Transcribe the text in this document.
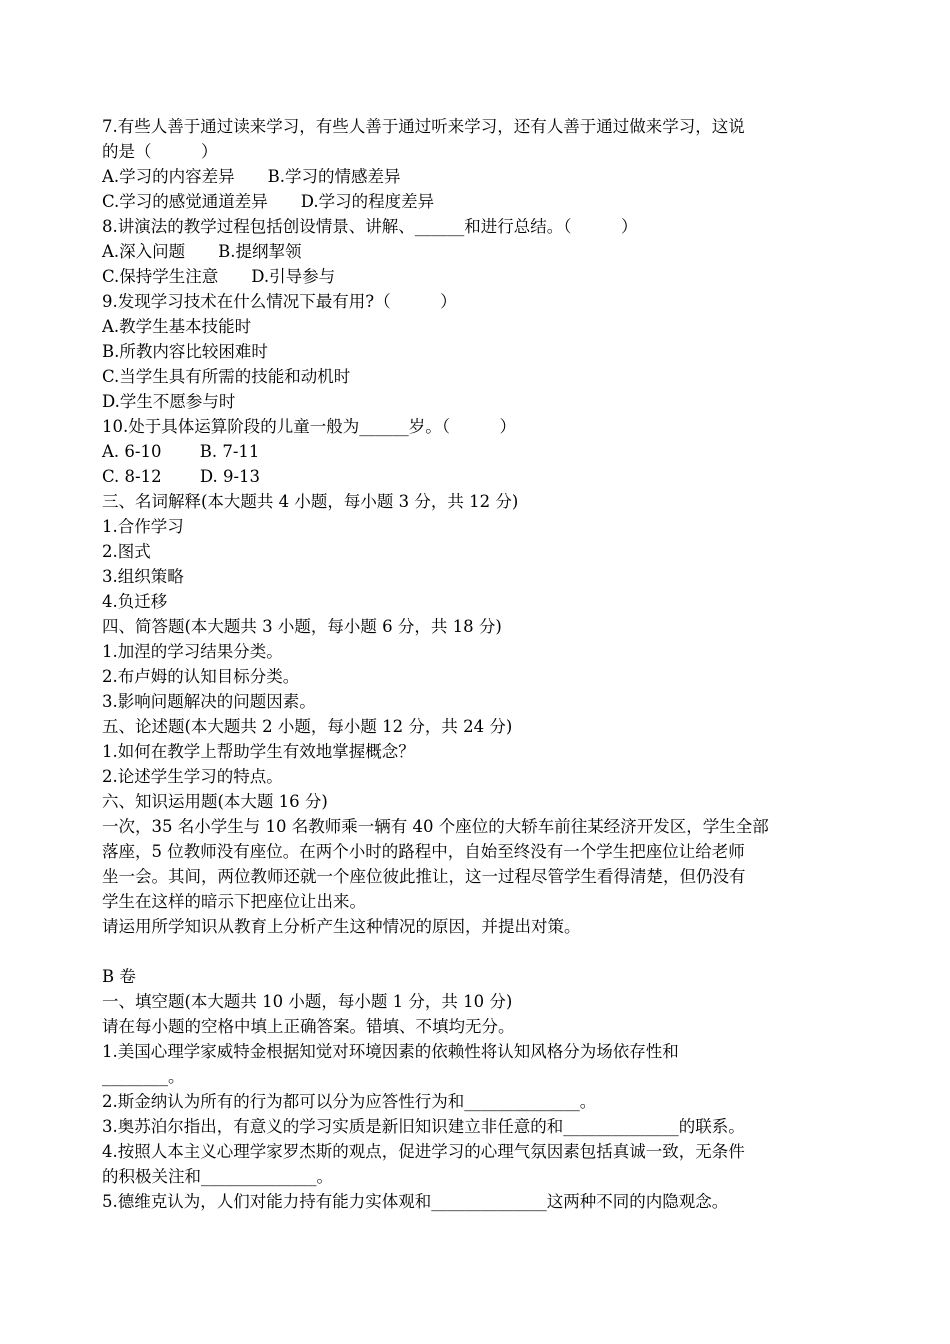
7.有些人善于通过读来学习，有些人善于通过听来学习，还有人善于通过做来学习，这说

的是（　　　）

A.学习的内容差异　　B.学习的情感差异

C.学习的感觉通道差异　　D.学习的程度差异

8.讲演法的教学过程包括创设情景、讲解、______和进行总结。（　　　）

A.深入问题　　B.提纲挈领

C.保持学生注意　　D.引导参与

9.发现学习技术在什么情况下最有用?（　　　）

A.教学生基本技能时

B.所教内容比较困难时

C.当学生具有所需的技能和动机时

D.学生不愿参与时

10.处于具体运算阶段的儿童一般为______岁。（　　　）

A. 6-10　　 B. 7-11

C. 8-12　　 D. 9-13

三、名词解释(本大题共 4 小题，每小题 3 分，共 12 分)

1.合作学习

2.图式

3.组织策略

4.负迁移

四、简答题(本大题共 3 小题，每小题 6 分，共 18 分)

1.加涅的学习结果分类。

2.布卢姆的认知目标分类。

3.影响问题解决的问题因素。

五、论述题(本大题共 2 小题，每小题 12 分，共 24 分)

1.如何在教学上帮助学生有效地掌握概念？

2.论述学生学习的特点。

六、知识运用题(本大题 16 分)

一次，35 名小学生与 10 名教师乘一辆有 40 个座位的大轿车前往某经济开发区，学生全部

落座，5 位教师没有座位。在两个小时的路程中，自始至终没有一个学生把座位让给老师

坐一会。其间，两位教师还就一个座位彼此推让，这一过程尽管学生看得清楚，但仍没有

学生在这样的暗示下把座位让出来。

请运用所学知识从教育上分析产生这种情况的原因，并提出对策。

B 卷

一、填空题(本大题共 10 小题，每小题 1 分，共 10 分)

请在每小题的空格中填上正确答案。错填、不填均无分。

1.美国心理学家威特金根据知觉对环境因素的依赖性将认知风格分为场依存性和

________。

2.斯金纳认为所有的行为都可以分为应答性行为和______________。

3.奥苏泊尔指出，有意义的学习实质是新旧知识建立非任意的和______________的联系。

4.按照人本主义心理学家罗杰斯的观点，促进学习的心理气氛因素包括真诚一致，无条件

的积极关注和______________。

5.德维克认为，人们对能力持有能力实体观和______________这两种不同的内隐观念。
